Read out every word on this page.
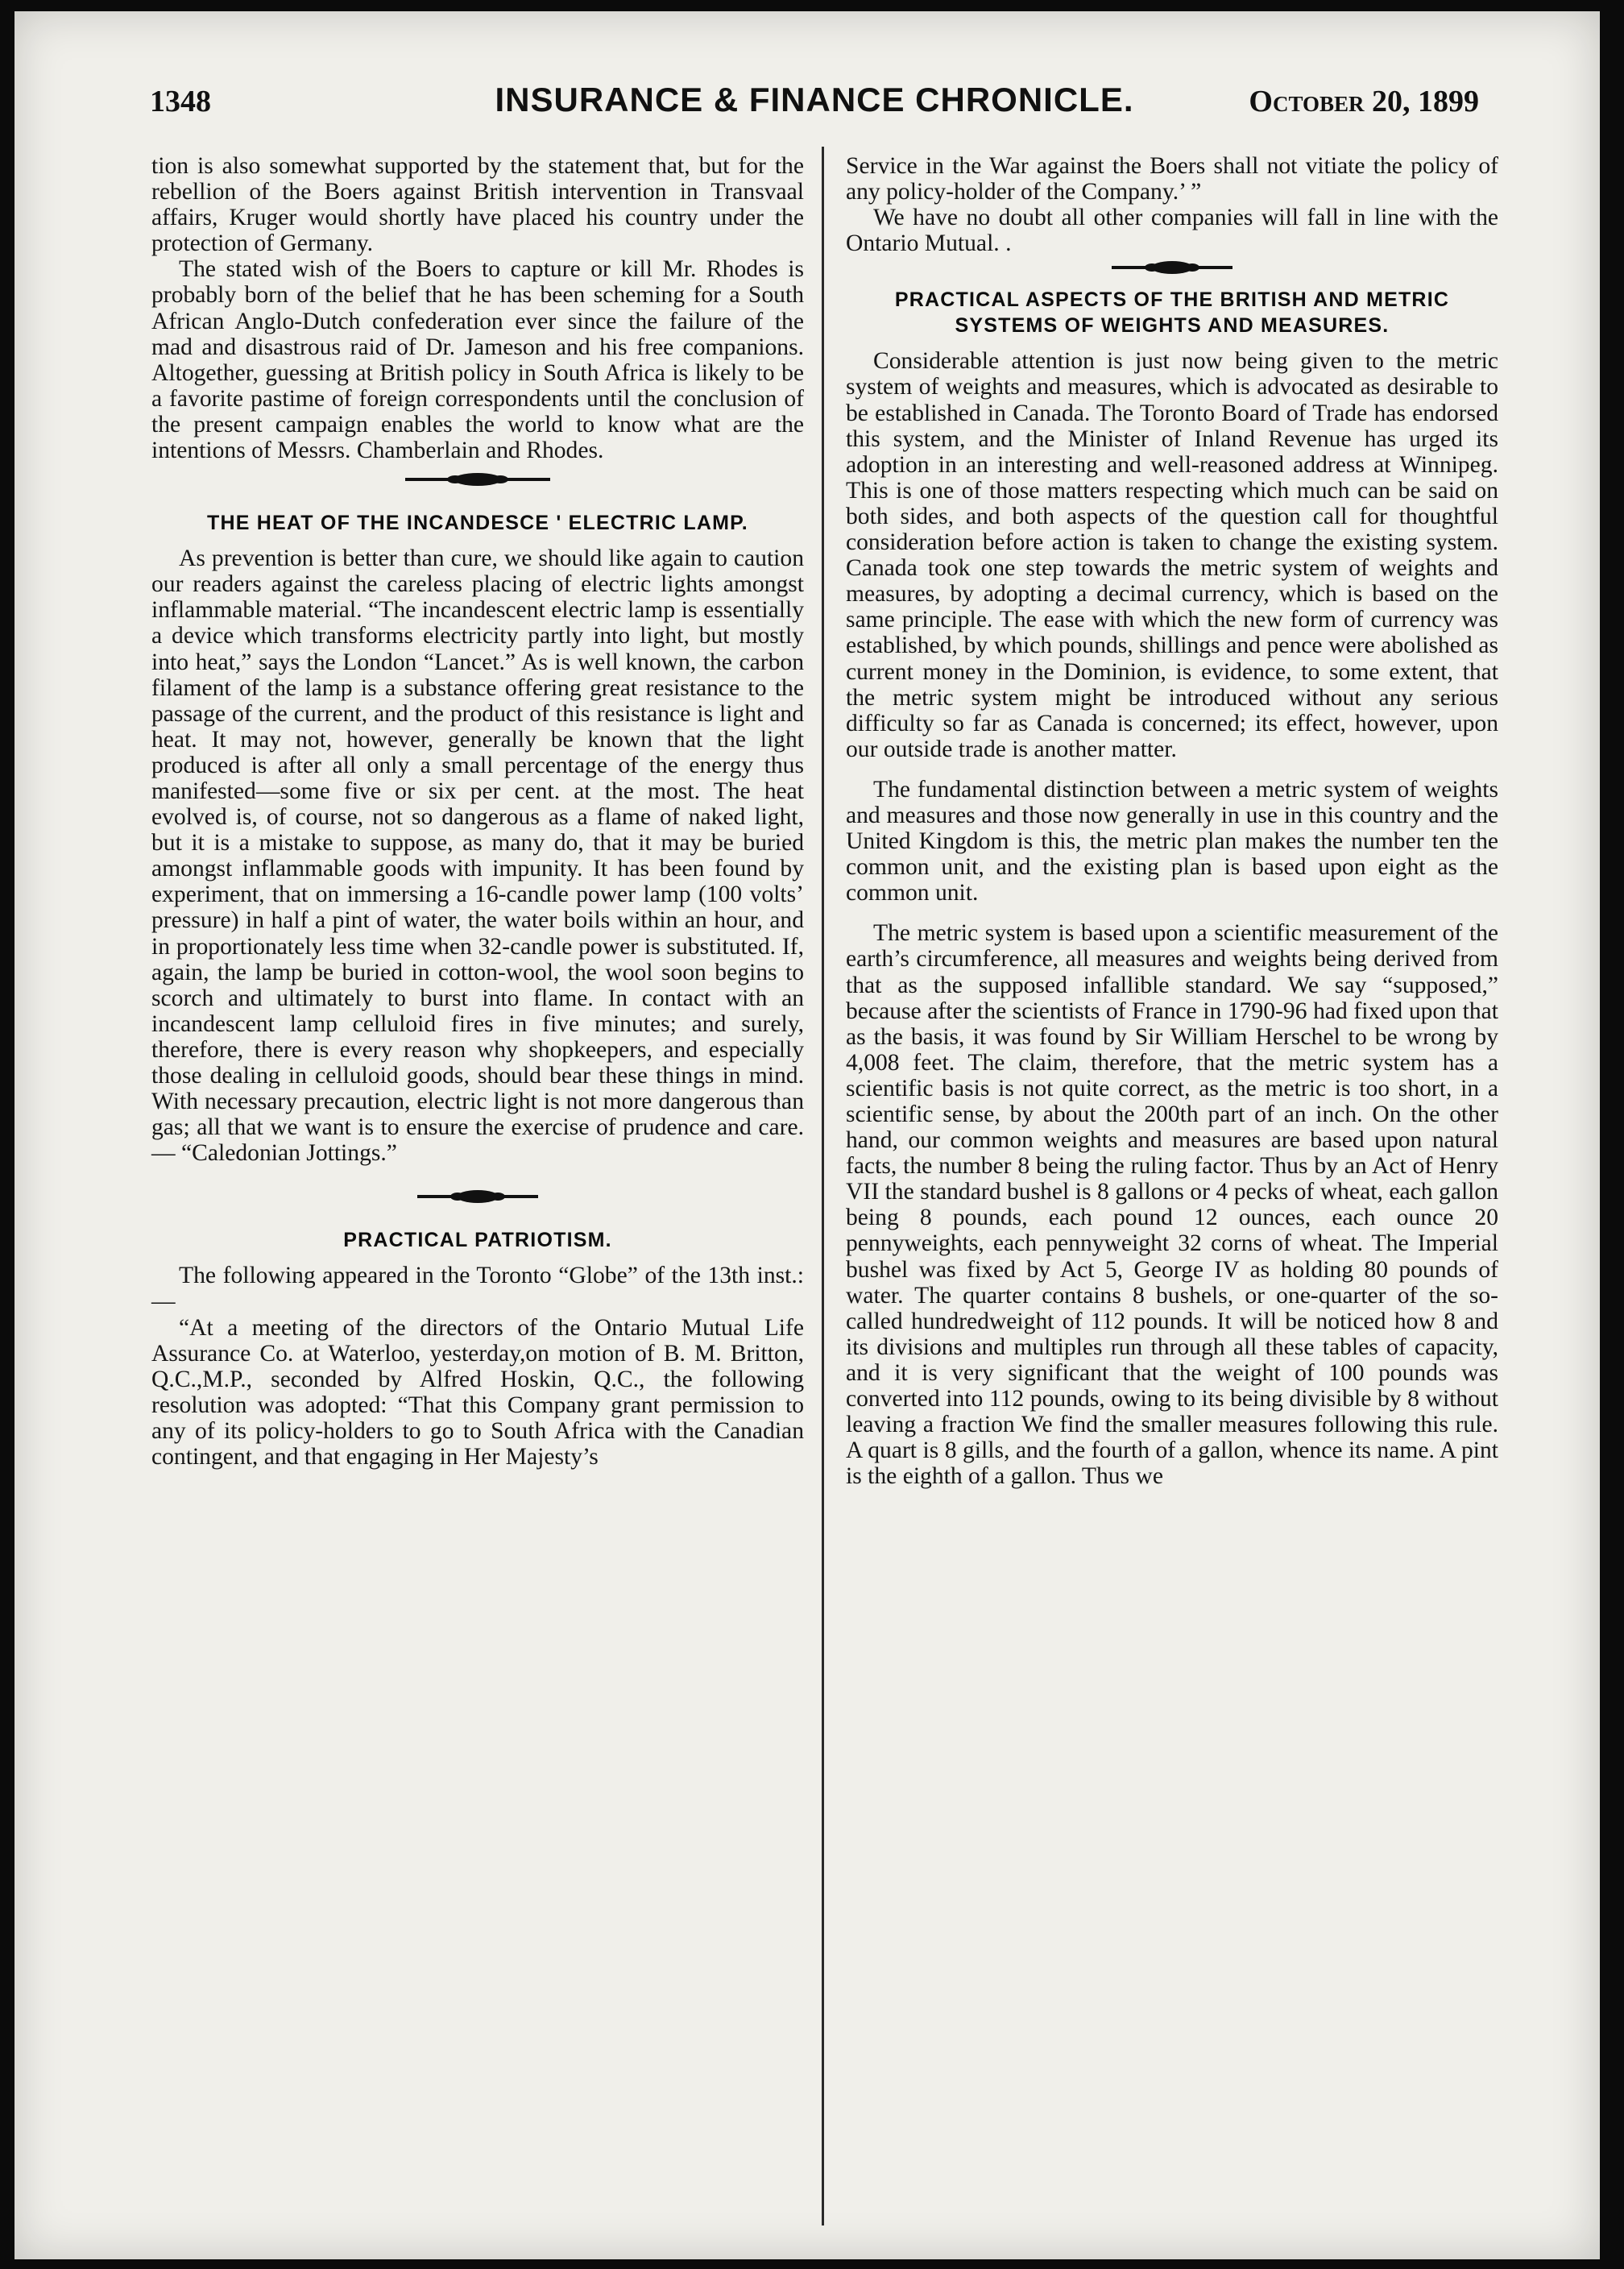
1348	INSURANCE & FINANCE CHRONICLE.	October 20, 1899

tion is also somewhat supported by the statement that, but for the rebellion of the Boers against British intervention in Transvaal affairs, Kruger would shortly have placed his country under the protection of Germany.

The stated wish of the Boers to capture or kill Mr. Rhodes is probably born of the belief that he has been scheming for a South African Anglo-Dutch confederation ever since the failure of the mad and disastrous raid of Dr. Jameson and his free companions. Altogether, guessing at British policy in South Africa is likely to be a favorite pastime of foreign correspondents until the conclusion of the present campaign enables the world to know what are the intentions of Messrs. Chamberlain and Rhodes.

THE HEAT OF THE INCANDESCE ' ELECTRIC LAMP.

As prevention is better than cure, we should like again to caution our readers against the careless placing of electric lights amongst inflammable material. “The incandescent electric lamp is essentially a device which transforms electricity partly into light, but mostly into heat,” says the London “Lancet.” As is well known, the carbon filament of the lamp is a substance offering great resistance to the passage of the current, and the product of this resistance is light and heat. It may not, however, generally be known that the light produced is after all only a small percentage of the energy thus manifested—some five or six per cent. at the most. The heat evolved is, of course, not so dangerous as a flame of naked light, but it is a mistake to suppose, as many do, that it may be buried amongst inflammable goods with impunity. It has been found by experiment, that on immersing a 16-candle power lamp (100 volts’ pressure) in half a pint of water, the water boils within an hour, and in proportionately less time when 32-candle power is substituted. If, again, the lamp be buried in cotton-wool, the wool soon begins to scorch and ultimately to burst into flame. In contact with an incandescent lamp celluloid fires in five minutes; and surely, therefore, there is every reason why shopkeepers, and especially those dealing in celluloid goods, should bear these things in mind. With necessary precaution, electric light is not more dangerous than gas; all that we want is to ensure the exercise of prudence and care.— “Caledonian Jottings.”

PRACTICAL PATRIOTISM.

The following appeared in the Toronto “Globe” of the 13th inst.:—

“At a meeting of the directors of the Ontario Mutual Life Assurance Co. at Waterloo, yesterday,on motion of B. M. Britton, Q.C.,M.P., seconded by Alfred Hoskin, Q.C., the following resolution was adopted: “That this Company grant permission to any of its policy-holders to go to South Africa with the Canadian contingent, and that engaging in Her Majesty’s

Service in the War against the Boers shall not vitiate the policy of any policy-holder of the Company.’ ”

We have no doubt all other companies will fall in line with the Ontario Mutual. .

PRACTICAL ASPECTS OF THE BRITISH AND METRIC SYSTEMS OF WEIGHTS AND MEASURES.

Considerable attention is just now being given to the metric system of weights and measures, which is advocated as desirable to be established in Canada. The Toronto Board of Trade has endorsed this system, and the Minister of Inland Revenue has urged its adoption in an interesting and well-reasoned address at Winnipeg. This is one of those matters respecting which much can be said on both sides, and both aspects of the question call for thoughtful consideration before action is taken to change the existing system. Canada took one step towards the metric system of weights and measures, by adopting a decimal currency, which is based on the same principle. The ease with which the new form of currency was established, by which pounds, shillings and pence were abolished as current money in the Dominion, is evidence, to some extent, that the metric system might be introduced without any serious difficulty so far as Canada is concerned; its effect, however, upon our outside trade is another matter.

The fundamental distinction between a metric system of weights and measures and those now generally in use in this country and the United Kingdom is this, the metric plan makes the number ten the common unit, and the existing plan is based upon eight as the common unit.

The metric system is based upon a scientific measurement of the earth’s circumference, all measures and weights being derived from that as the supposed infallible standard. We say “supposed,” because after the scientists of France in 1790-96 had fixed upon that as the basis, it was found by Sir William Herschel to be wrong by 4,008 feet. The claim, therefore, that the metric system has a scientific basis is not quite correct, as the metric is too short, in a scientific sense, by about the 200th part of an inch. On the other hand, our common weights and measures are based upon natural facts, the number 8 being the ruling factor. Thus by an Act of Henry VII the standard bushel is 8 gallons or 4 pecks of wheat, each gallon being 8 pounds, each pound 12 ounces, each ounce 20 pennyweights, each pennyweight 32 corns of wheat. The Imperial bushel was fixed by Act 5, George IV as holding 80 pounds of water. The quarter contains 8 bushels, or one-quarter of the so-called hundredweight of 112 pounds. It will be noticed how 8 and its divisions and multiples run through all these tables of capacity, and it is very significant that the weight of 100 pounds was converted into 112 pounds, owing to its being divisible by 8 without leaving a fraction We find the smaller measures following this rule. A quart is 8 gills, and the fourth of a gallon, whence its name. A pint is the eighth of a gallon. Thus we
